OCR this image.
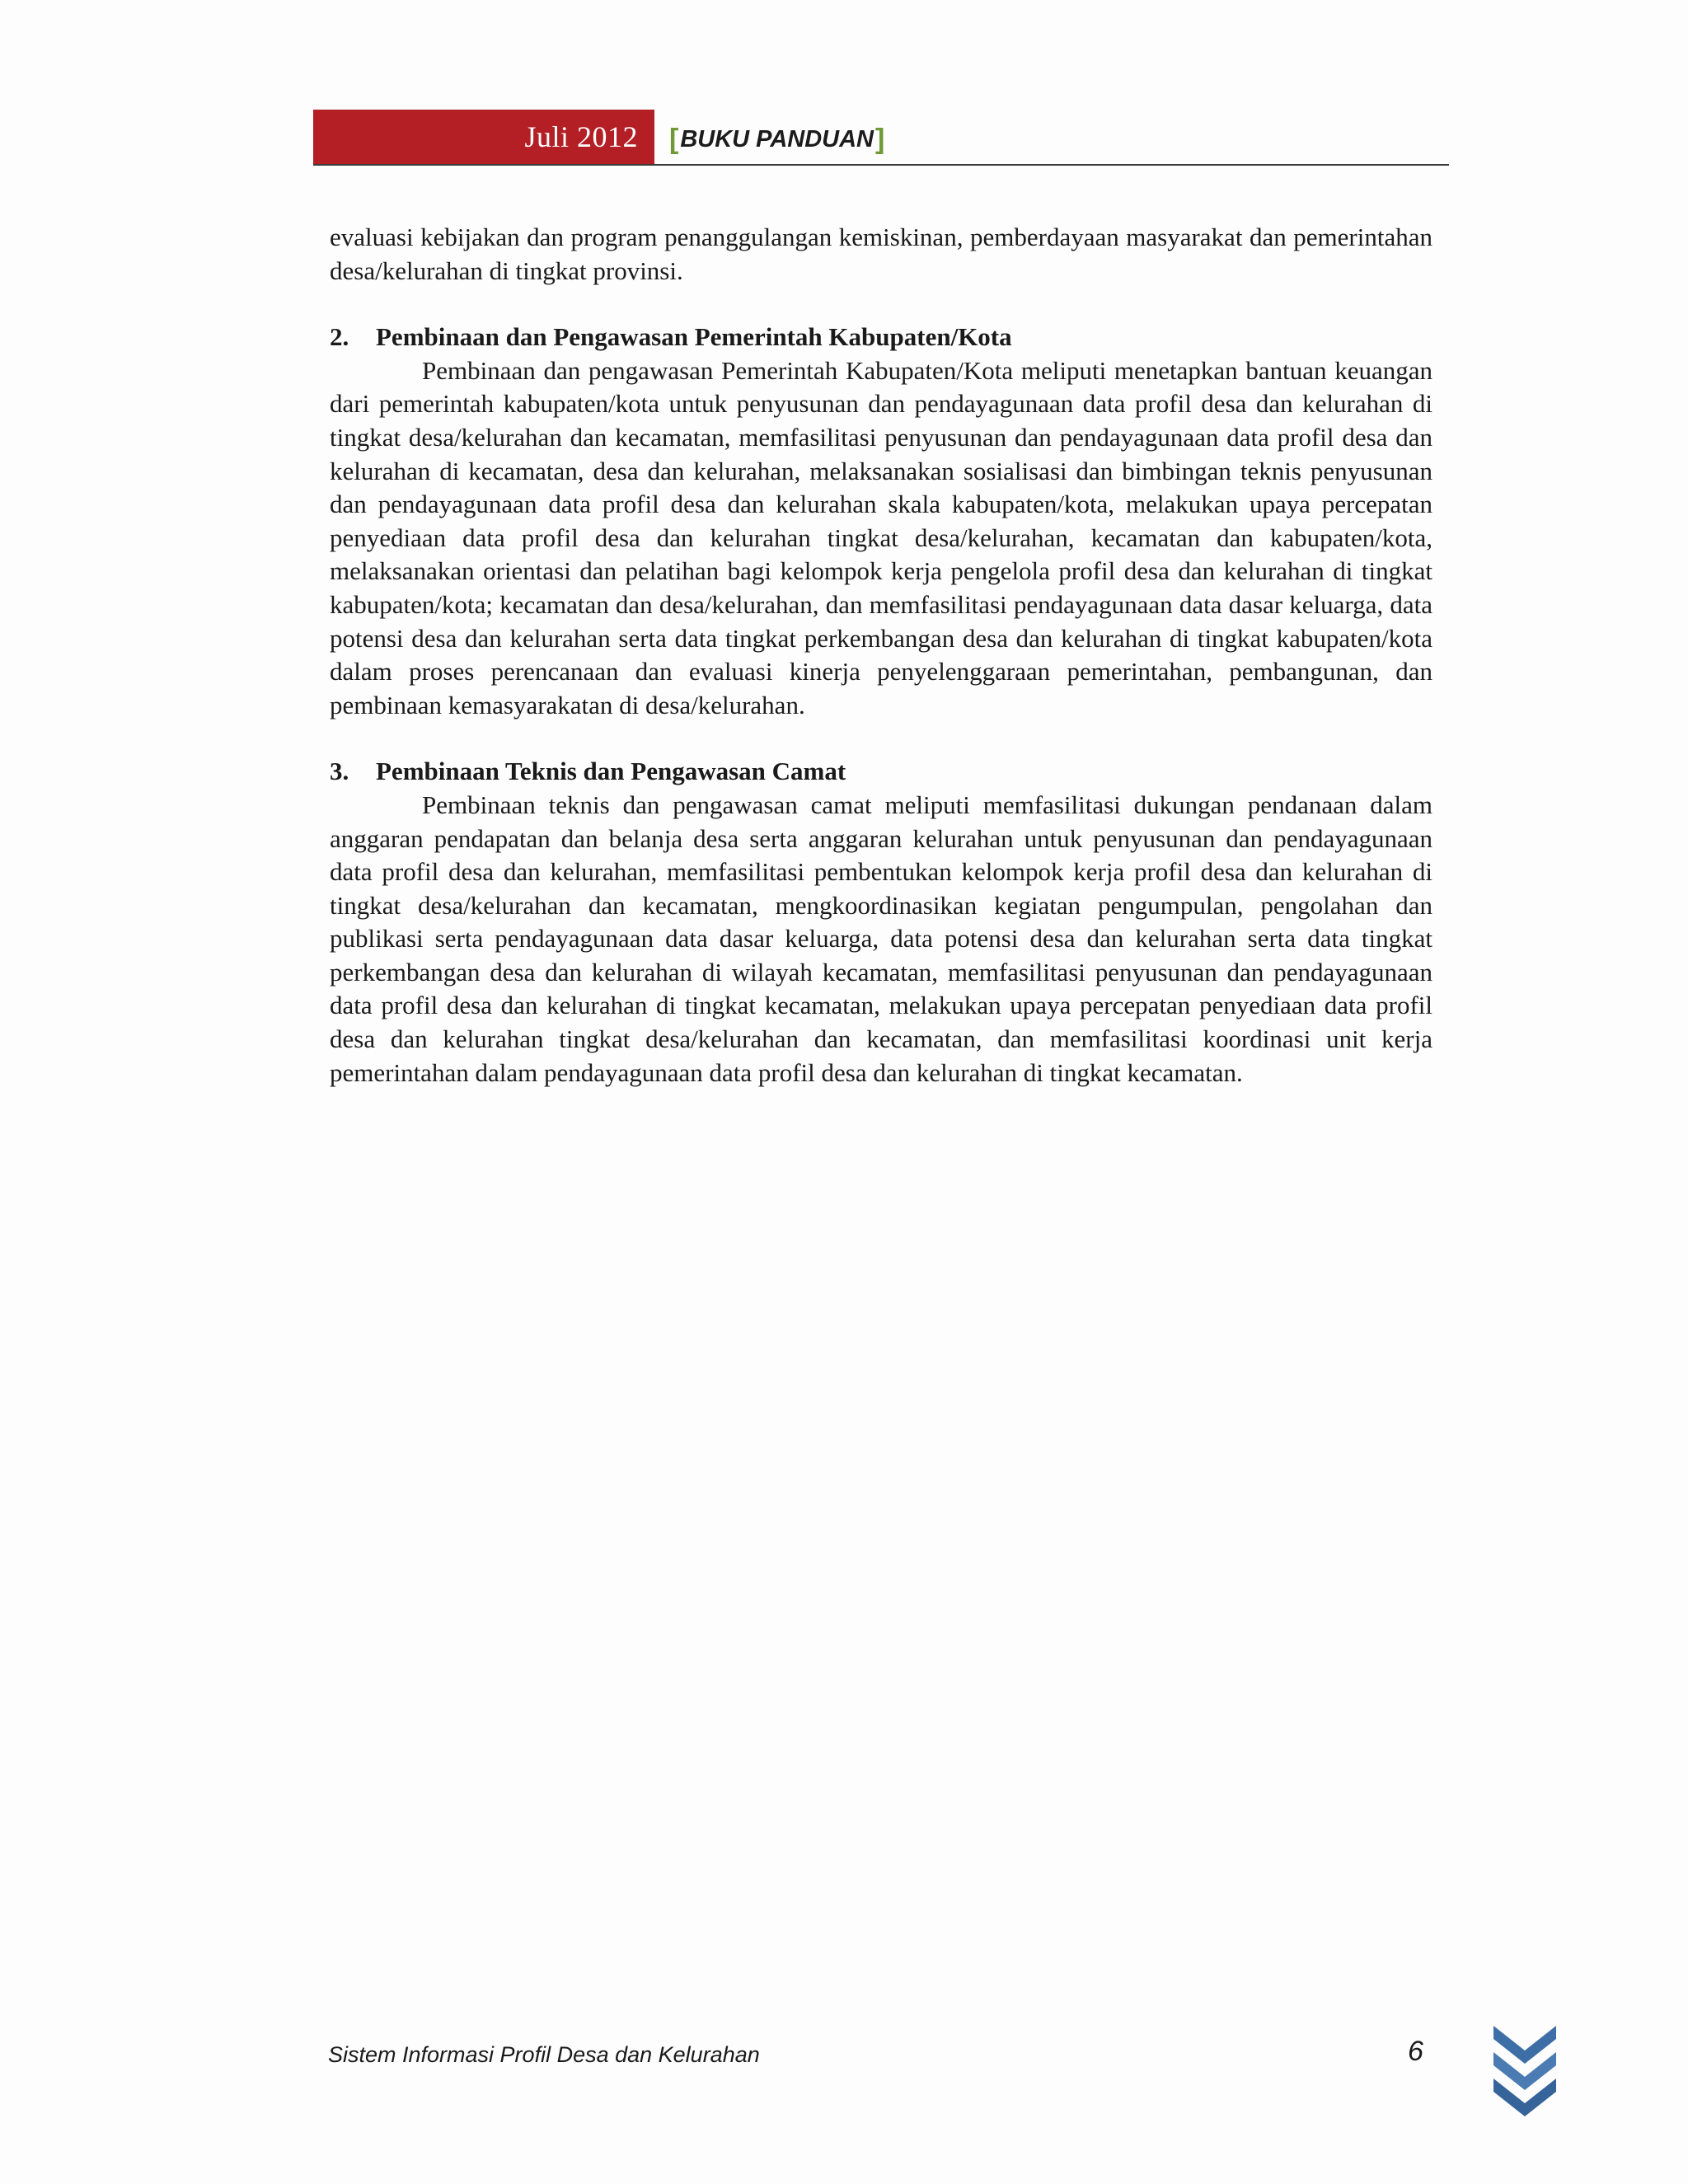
Juli 2012 [ BUKU PANDUAN ]

evaluasi kebijakan dan program penanggulangan kemiskinan, pemberdayaan masyarakat dan pemerintahan desa/kelurahan di tingkat provinsi.

2.	Pembinaan dan Pengawasan Pemerintah Kabupaten/Kota

Pembinaan dan pengawasan Pemerintah Kabupaten/Kota meliputi menetapkan bantuan keuangan dari pemerintah kabupaten/kota untuk penyusunan dan pendayagunaan data profil desa dan kelurahan di tingkat desa/kelurahan dan kecamatan, memfasilitasi penyusunan dan pendayagunaan data profil desa dan kelurahan di kecamatan, desa dan kelurahan, melaksanakan sosialisasi dan bimbingan teknis penyusunan dan pendayagunaan data profil desa dan kelurahan skala kabupaten/kota, melakukan upaya percepatan penyediaan data profil desa dan kelurahan tingkat desa/kelurahan, kecamatan dan kabupaten/kota, melaksanakan orientasi dan pelatihan bagi kelompok kerja pengelola profil desa dan kelurahan di tingkat kabupaten/kota; kecamatan dan desa/kelurahan, dan memfasilitasi pendayagunaan data dasar keluarga, data potensi desa dan kelurahan serta data tingkat perkembangan desa dan kelurahan di tingkat kabupaten/kota dalam proses perencanaan dan evaluasi kinerja penyelenggaraan pemerintahan, pembangunan, dan pembinaan kemasyarakatan di desa/kelurahan.

3.	Pembinaan Teknis dan Pengawasan Camat

Pembinaan teknis dan pengawasan camat meliputi memfasilitasi dukungan pendanaan dalam anggaran pendapatan dan belanja desa serta anggaran kelurahan untuk penyusunan dan pendayagunaan data profil desa dan kelurahan, memfasilitasi pembentukan kelompok kerja profil desa dan kelurahan di tingkat desa/kelurahan dan kecamatan, mengkoordinasikan kegiatan pengumpulan, pengolahan dan publikasi serta pendayagunaan data dasar keluarga, data potensi desa dan kelurahan serta data tingkat perkembangan desa dan kelurahan di wilayah kecamatan, memfasilitasi penyusunan dan pendayagunaan data profil desa dan kelurahan di tingkat kecamatan, melakukan upaya percepatan penyediaan data profil desa dan kelurahan tingkat desa/kelurahan dan kecamatan, dan memfasilitasi koordinasi unit kerja pemerintahan dalam pendayagunaan data profil desa dan kelurahan di tingkat kecamatan.

Sistem Informasi Profil Desa dan Kelurahan	6
